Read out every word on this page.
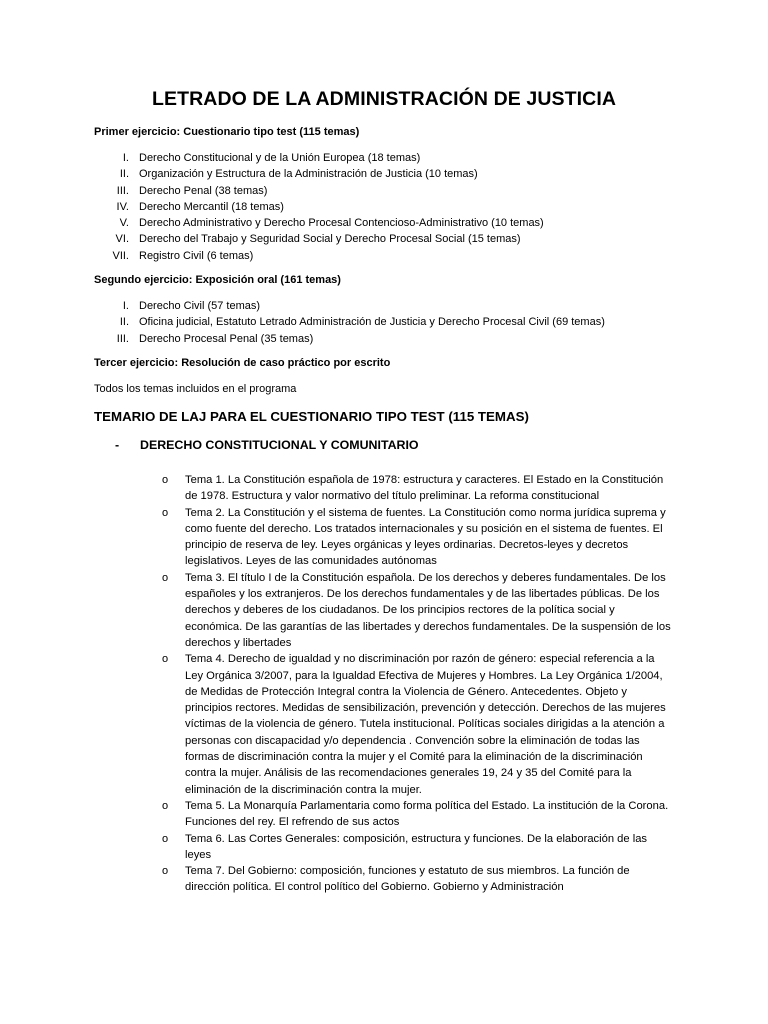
LETRADO DE LA ADMINISTRACIÓN DE JUSTICIA
Primer ejercicio: Cuestionario tipo test (115 temas)
I. Derecho Constitucional y de la Unión Europea (18 temas)
II. Organización y Estructura de la Administración de Justicia (10 temas)
III. Derecho Penal (38 temas)
IV. Derecho Mercantil (18 temas)
V. Derecho Administrativo y Derecho Procesal Contencioso-Administrativo (10 temas)
VI. Derecho del Trabajo y Seguridad Social y Derecho Procesal Social (15 temas)
VII. Registro Civil (6 temas)
Segundo ejercicio: Exposición oral (161 temas)
I. Derecho Civil (57 temas)
II. Oficina judicial, Estatuto Letrado Administración de Justicia y Derecho Procesal Civil (69 temas)
III. Derecho Procesal Penal (35 temas)
Tercer ejercicio: Resolución de caso práctico por escrito
Todos los temas incluidos en el programa
TEMARIO DE LAJ PARA EL CUESTIONARIO TIPO TEST (115 TEMAS)
- DERECHO CONSTITUCIONAL Y COMUNITARIO
o Tema 1. La Constitución española de 1978: estructura y caracteres. El Estado en la Constitución de 1978. Estructura y valor normativo del título preliminar. La reforma constitucional
o Tema 2. La Constitución y el sistema de fuentes. La Constitución como norma jurídica suprema y como fuente del derecho. Los tratados internacionales y su posición en el sistema de fuentes. El principio de reserva de ley. Leyes orgánicas y leyes ordinarias. Decretos-leyes y decretos legislativos. Leyes de las comunidades autónomas
o Tema 3. El título I de la Constitución española. De los derechos y deberes fundamentales. De los españoles y los extranjeros. De los derechos fundamentales y de las libertades públicas. De los derechos y deberes de los ciudadanos. De los principios rectores de la política social y económica. De las garantías de las libertades y derechos fundamentales. De la suspensión de los derechos y libertades
o Tema 4. Derecho de igualdad y no discriminación por razón de género: especial referencia a la Ley Orgánica 3/2007, para la Igualdad Efectiva de Mujeres y Hombres. La Ley Orgánica 1/2004, de Medidas de Protección Integral contra la Violencia de Género. Antecedentes. Objeto y principios rectores. Medidas de sensibilización, prevención y detección. Derechos de las mujeres víctimas de la violencia de género. Tutela institucional. Políticas sociales dirigidas a la atención a personas con discapacidad y/o dependencia . Convención sobre la eliminación de todas las formas de discriminación contra la mujer y el Comité para la eliminación de la discriminación contra la mujer. Análisis de las recomendaciones generales 19, 24 y 35 del Comité para la eliminación de la discriminación contra la mujer.
o Tema 5. La Monarquía Parlamentaria como forma política del Estado. La institución de la Corona. Funciones del rey. El refrendo de sus actos
o Tema 6. Las Cortes Generales: composición, estructura y funciones. De la elaboración de las leyes
o Tema 7. Del Gobierno: composición, funciones y estatuto de sus miembros. La función de dirección política. El control político del Gobierno. Gobierno y Administración
